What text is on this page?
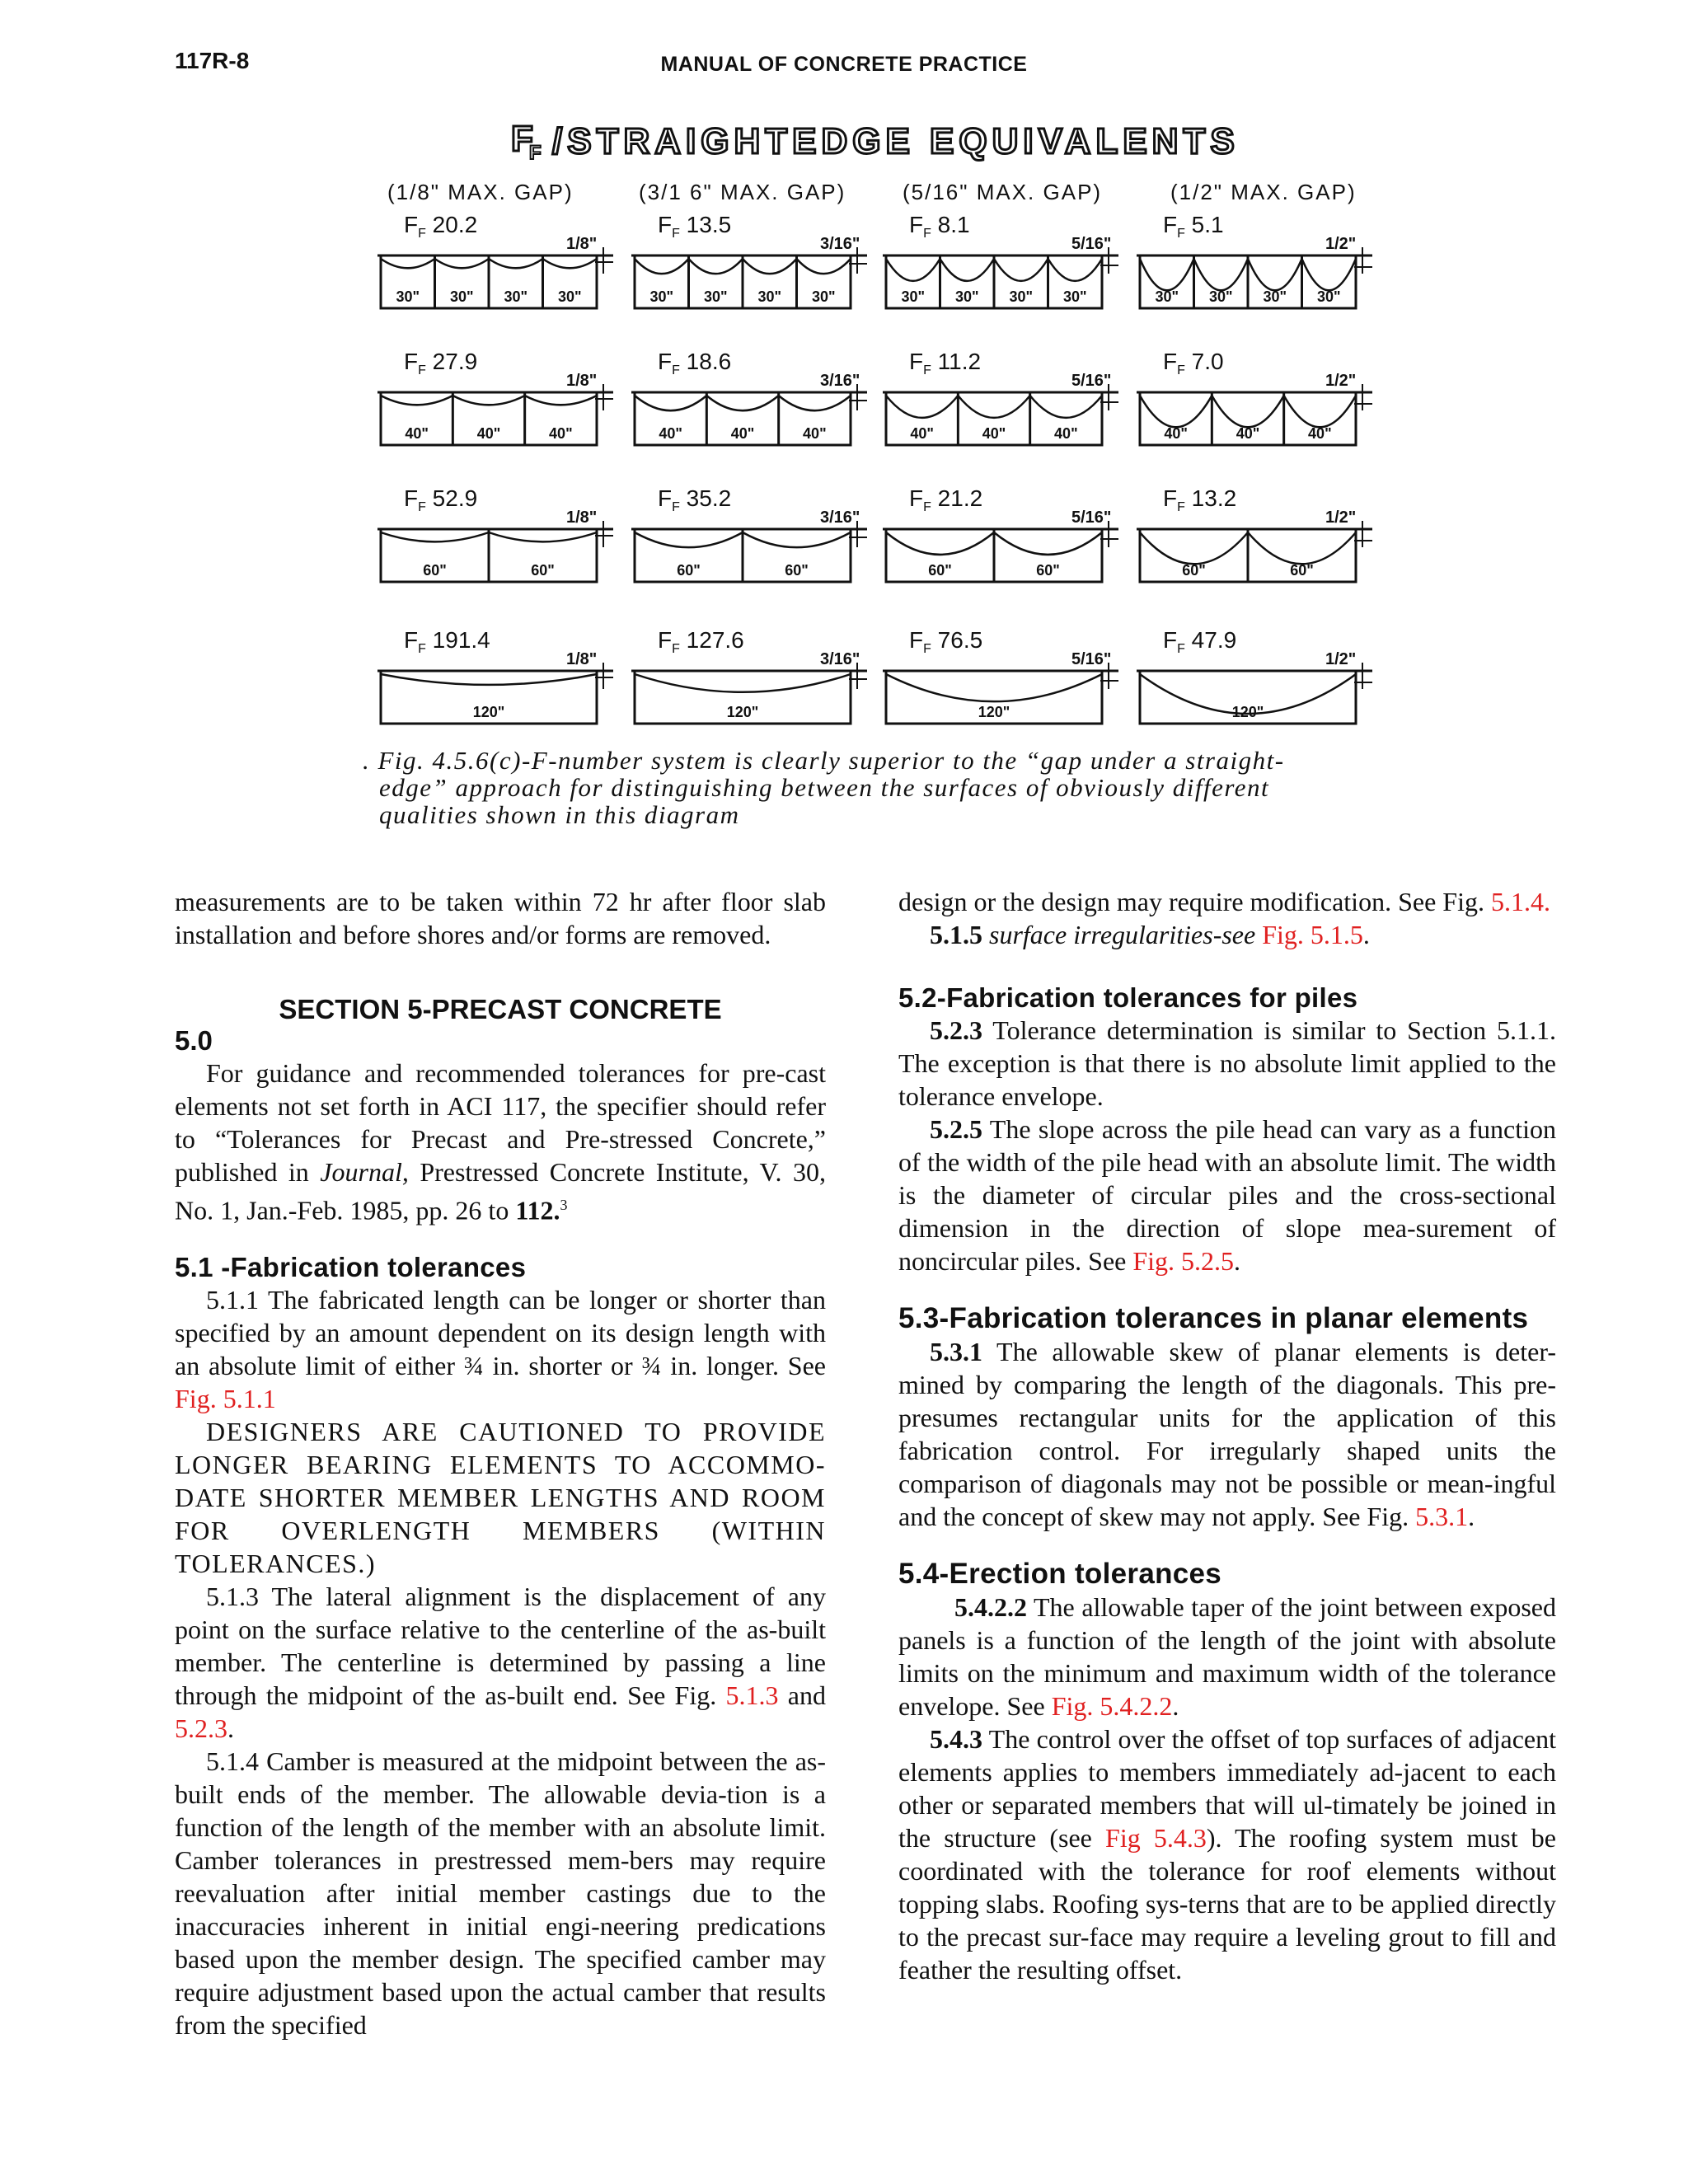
117R-8	MANUAL OF CONCRETE PRACTICE
F
F /STRAIGHTEDGE EQUIVALENTS
(1/8" MAX. GAP)	(3/1 6" MAX. GAP)	(5/16" MAX. GAP)	(1/2" MAX. GAP)
$F_F$ 20.2
1/8"
30" 30" 30" 30"
$F_F$ 13.5
3/16"
30" 30" 30" 30"
$F_F$ 8.1
5/16"
30" 30" 30" 30"
$F_F$ 5.1
1/2"
30" 30" 30" 30"
$F_F$ 27.9
1/8"
40"	40"	40"
$F_F$ 18.6
3/16"
40"	40"	40"
$F_F$ 11.2
5/16"
40"	40"	40"
$F_F$ 7.0
1/2"
40"	40"	40"
$F_F$ 52.9
1/8"
60"	60"
$F_F$ 35.2
3/16"
60"	60"
$F_F$ 21.2
5/16"
60"	60"
$F_F$ 13.2
1/2"
60"	60"
$F_F$ 191.4
1/8"
120"
$F_F$ 127.6
3/16"
120"
$F_F$ 76.5
5/16"
120"
$F_F$ 47.9
1/2"
120"
. Fig. 4.5.6(c)-F-number system is clearly superior to the “gap under a straight-
edge” approach for distinguishing between the surfaces of obviously different
qualities shown in this diagram

measurements are to be taken within 72 hr after floor slab installation and before shores and/or forms are removed.

SECTION 5-PRECAST CONCRETE

5.0

For guidance and recommended tolerances for pre-cast elements not set forth in ACI 117, the specifier should refer to “Tolerances for Precast and Pre-stressed Concrete,” published in Journal, Prestressed Concrete Institute, V. 30, No. 1, Jan.-Feb. 1985, pp. 26 to 112.$^3$

5.1 -Fabrication tolerances

5.1.1 The fabricated length can be longer or shorter than specified by an amount dependent on its design length with an absolute limit of either ¾ in. shorter or ¾ in. longer. See Fig. 5.1.1

DESIGNERS ARE CAUTIONED TO PROVIDE LONGER BEARING ELEMENTS TO ACCOMMO-DATE SHORTER MEMBER LENGTHS AND ROOM FOR OVERLENGTH MEMBERS (WITHIN TOLERANCES.)

5.1.3 The lateral alignment is the displacement of any point on the surface relative to the centerline of the as-built member. The centerline is determined by passing a line through the midpoint of the as-built end. See Fig. 5.1.3 and 5.2.3.

5.1.4 Camber is measured at the midpoint between the as-built ends of the member. The allowable devia-tion is a function of the length of the member with an absolute limit. Camber tolerances in prestressed mem-bers may require reevaluation after initial member castings due to the inaccuracies inherent in initial engi-neering predications based upon the member design. The specified camber may require adjustment based upon the actual camber that results from the specified

design or the design may require modification. See Fig. 5.1.4.

5.1.5 surface irregularities-see Fig. 5.1.5.

5.2-Fabrication tolerances for piles

5.2.3 Tolerance determination is similar to Section 5.1.1. The exception is that there is no absolute limit applied to the tolerance envelope.

5.2.5 The slope across the pile head can vary as a function of the width of the pile head with an absolute limit. The width is the diameter of circular piles and the cross-sectional dimension in the direction of slope mea-surement of noncircular piles. See Fig. 5.2.5.

5.3-Fabrication tolerances in planar elements

5.3.1 The allowable skew of planar elements is deter-mined by comparing the length of the diagonals. This pre-presumes rectangular units for the application of this fabrication control. For irregularly shaped units the comparison of diagonals may not be possible or mean-ingful and the concept of skew may not apply. See Fig. 5.3.1.

5.4-Erection tolerances

5.4.2.2 The allowable taper of the joint between exposed panels is a function of the length of the joint with absolute limits on the minimum and maximum width of the tolerance envelope. See Fig. 5.4.2.2.

5.4.3 The control over the offset of top surfaces of adjacent elements applies to members immediately ad-jacent to each other or separated members that will ul-timately be joined in the structure (see Fig 5.4.3). The roofing system must be coordinated with the tolerance for roof elements without topping slabs. Roofing sys-terns that are to be applied directly to the precast sur-face may require a leveling grout to fill and feather the resulting offset.
